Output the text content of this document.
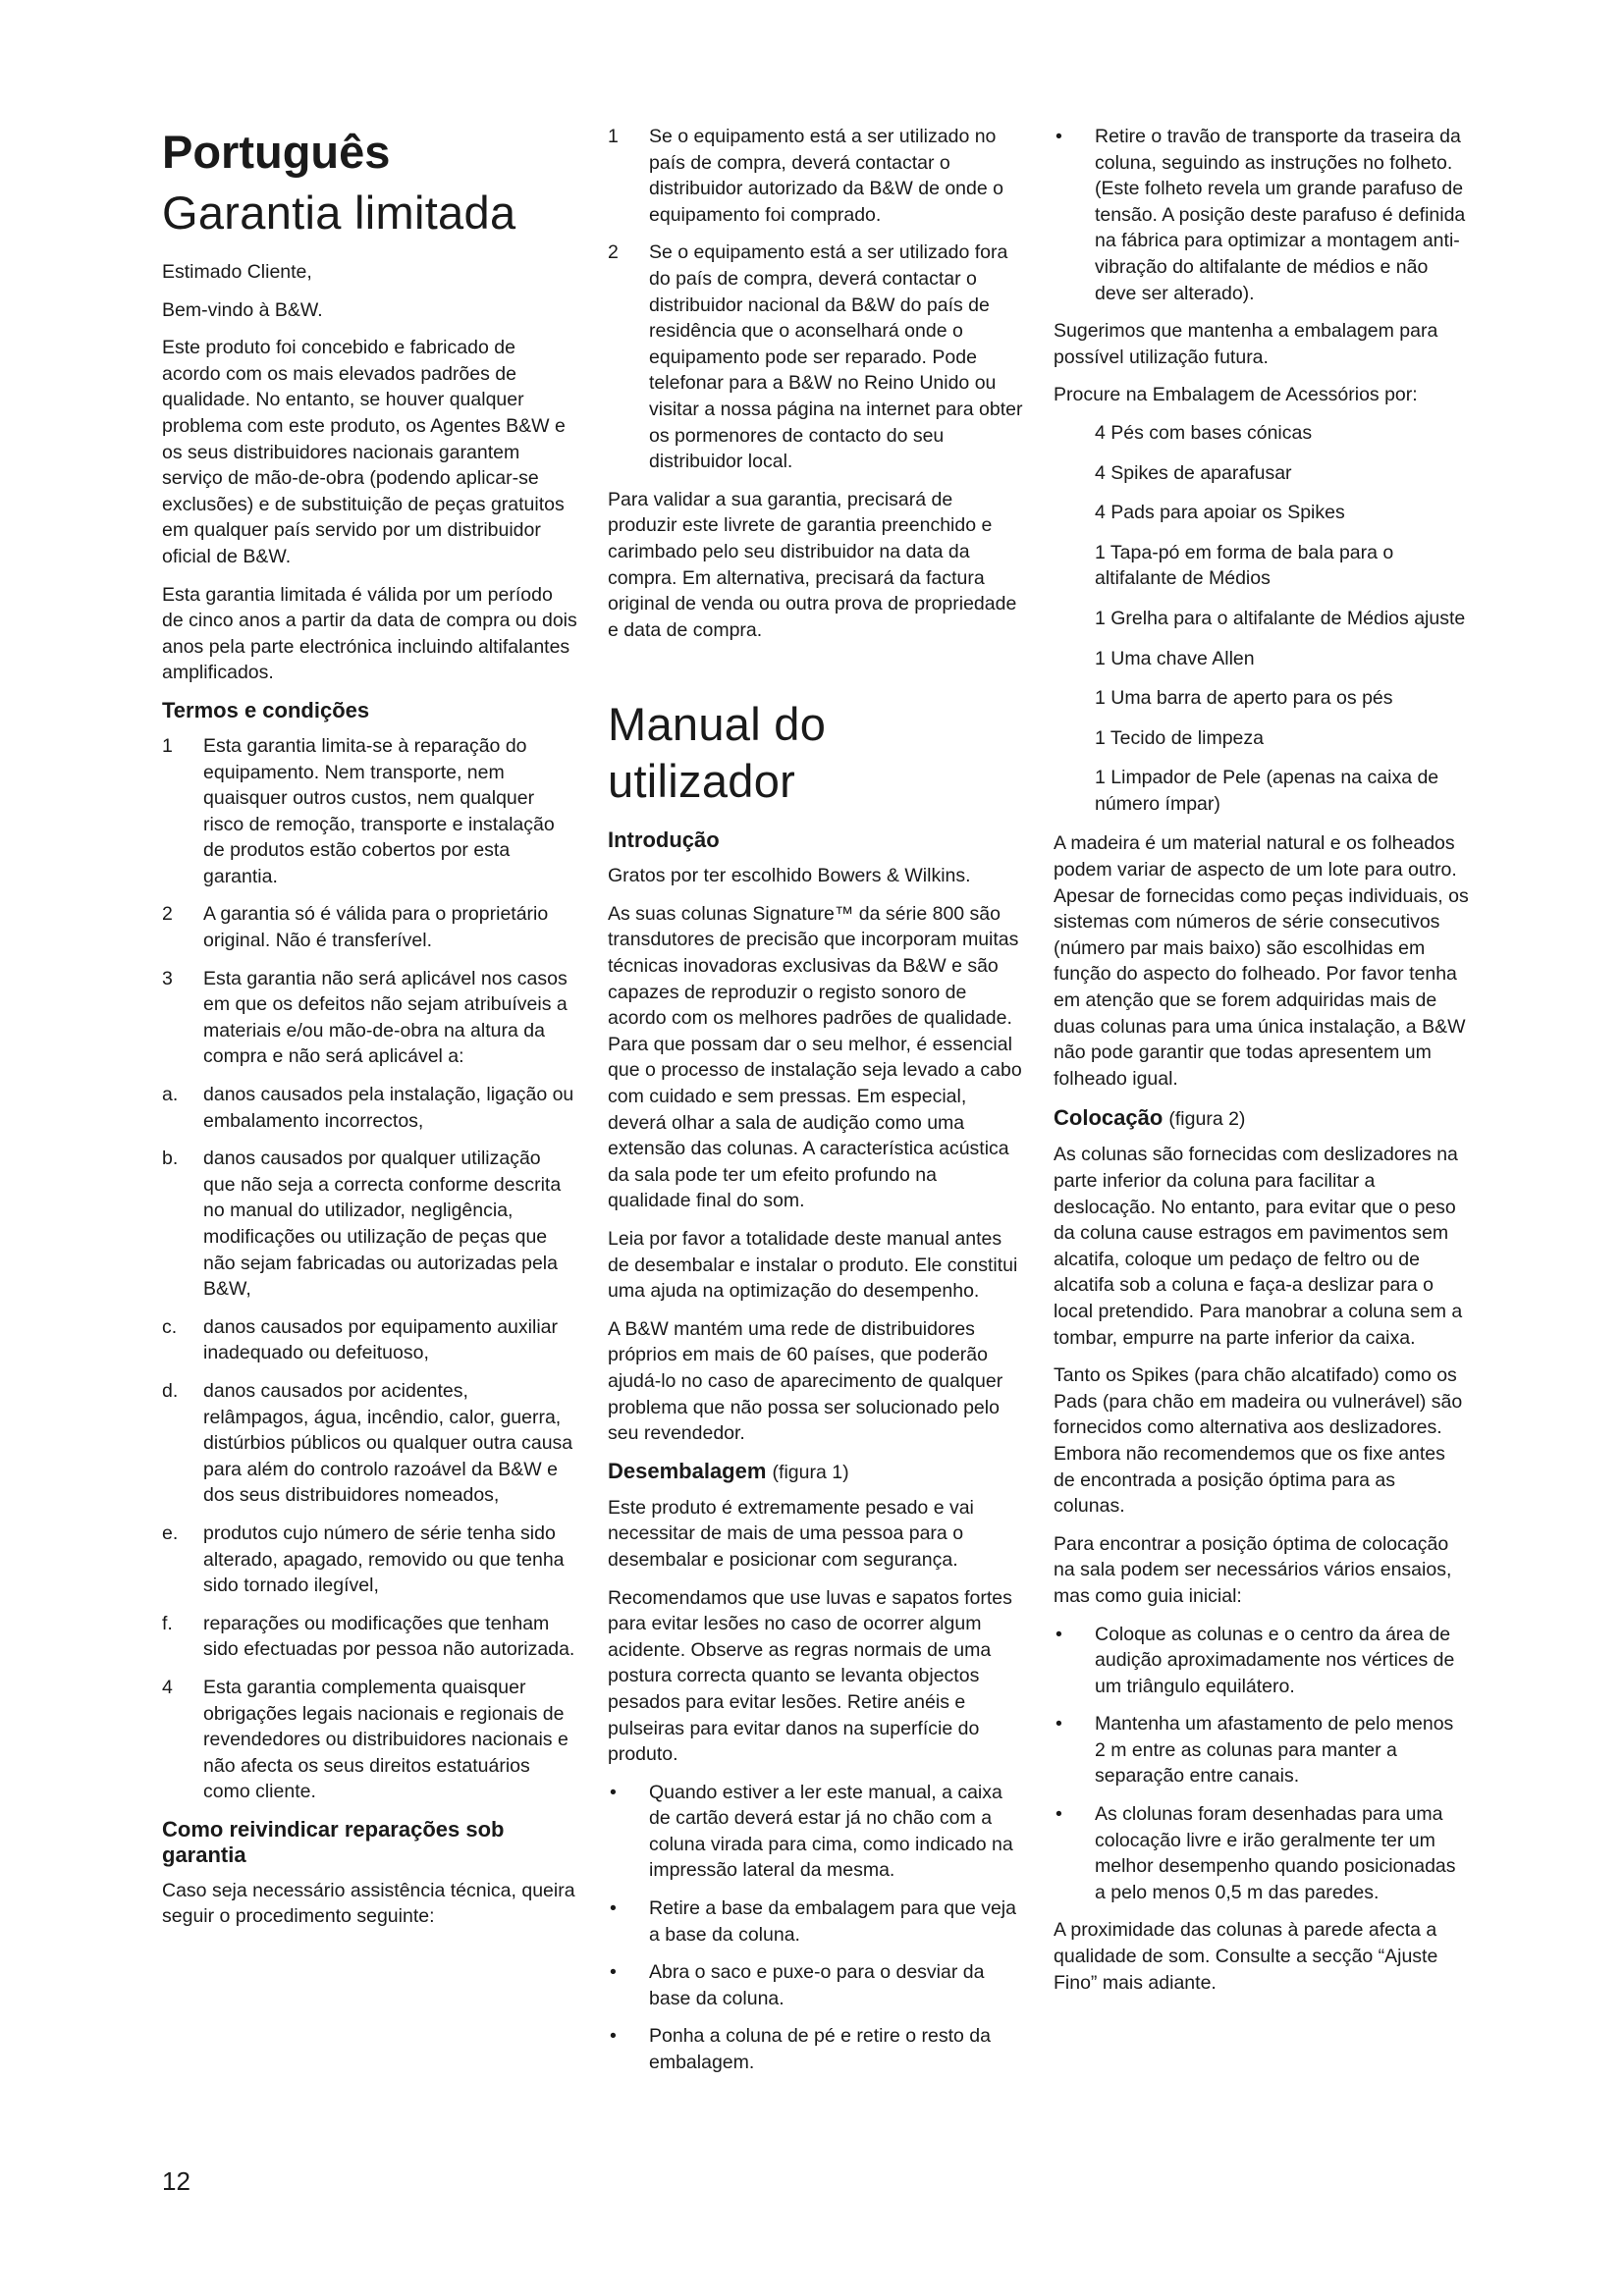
Português
Garantia limitada

Estimado Cliente,

Bem-vindo à B&W.

Este produto foi concebido e fabricado de acordo com os mais elevados padrões de qualidade. No entanto, se houver qualquer problema com este produto, os Agentes B&W e os seus distribuidores nacionais garantem serviço de mão-de-obra (podendo aplicar-se exclusões) e de substituição de peças gratuitos em qualquer país servido por um distribuidor oficial de B&W.

Esta garantia limitada é válida por um período de cinco anos a partir da data de compra ou dois anos pela parte electrónica incluindo altifalantes amplificados.

Termos e condições

1 Esta garantia limita-se à reparação do equipamento. Nem transporte, nem quaisquer outros custos, nem qualquer risco de remoção, transporte e instalação de produtos estão cobertos por esta garantia.

2 A garantia só é válida para o proprietário original. Não é transferível.

3 Esta garantia não será aplicável nos casos em que os defeitos não sejam atribuíveis a materiais e/ou mão-de-obra na altura da compra e não será aplicável a:

a. danos causados pela instalação, ligação ou embalamento incorrectos,

b. danos causados por qualquer utilização que não seja a correcta conforme descrita no manual do utilizador, negligência, modificações ou utilização de peças que não sejam fabricadas ou autorizadas pela B&W,

c. danos causados por equipamento auxiliar inadequado ou defeituoso,

d. danos causados por acidentes, relâmpagos, água, incêndio, calor, guerra, distúrbios públicos ou qualquer outra causa para além do controlo razoável da B&W e dos seus distribuidores nomeados,

e. produtos cujo número de série tenha sido alterado, apagado, removido ou que tenha sido tornado ilegível,

f. reparações ou modificações que tenham sido efectuadas por pessoa não autorizada.

4 Esta garantia complementa quaisquer obrigações legais nacionais e regionais de revendedores ou distribuidores nacionais e não afecta os seus direitos estatuários como cliente.

Como reivindicar reparações sob garantia

Caso seja necessário assistência técnica, queira seguir o procedimento seguinte:

1 Se o equipamento está a ser utilizado no país de compra, deverá contactar o distribuidor autorizado da B&W de onde o equipamento foi comprado.

2 Se o equipamento está a ser utilizado fora do país de compra, deverá contactar o distribuidor nacional da B&W do país de residência que o aconselhará onde o equipamento pode ser reparado. Pode telefonar para a B&W no Reino Unido ou visitar a nossa página na internet para obter os pormenores de contacto do seu distribuidor local.

Para validar a sua garantia, precisará de produzir este livrete de garantia preenchido e carimbado pelo seu distribuidor na data da compra. Em alternativa, precisará da factura original de venda ou outra prova de propriedade e data de compra.

Manual do utilizador
Introdução

Gratos por ter escolhido Bowers & Wilkins.

As suas colunas Signature™ da série 800 são transdutores de precisão que incorporam muitas técnicas inovadoras exclusivas da B&W e são capazes de reproduzir o registo sonoro de acordo com os melhores padrões de qualidade. Para que possam dar o seu melhor, é essencial que o processo de instalação seja levado a cabo com cuidado e sem pressas. Em especial, deverá olhar a sala de audição como uma extensão das colunas. A característica acústica da sala pode ter um efeito profundo na qualidade final do som.

Leia por favor a totalidade deste manual antes de desembalar e instalar o produto. Ele constitui uma ajuda na optimização do desempenho.

A B&W mantém uma rede de distribuidores próprios em mais de 60 países, que poderão ajudá-lo no caso de aparecimento de qualquer problema que não possa ser solucionado pelo seu revendedor.

Desembalagem (figura 1)

Este produto é extremamente pesado e vai necessitar de mais de uma pessoa para o desembalar e posicionar com segurança.

Recomendamos que use luvas e sapatos fortes para evitar lesões no caso de ocorrer algum acidente. Observe as regras normais de uma postura correcta quanto se levanta objectos pesados para evitar lesões. Retire anéis e pulseiras para evitar danos na superfície do produto.

• Quando estiver a ler este manual, a caixa de cartão deverá estar já no chão com a coluna virada para cima, como indicado na impressão lateral da mesma.

• Retire a base da embalagem para que veja a base da coluna.

• Abra o saco e puxe-o para o desviar da base da coluna.

• Ponha a coluna de pé e retire o resto da embalagem.

• Retire o travão de transporte da traseira da coluna, seguindo as instruções no folheto. (Este folheto revela um grande parafuso de tensão. A posição deste parafuso é definida na fábrica para optimizar a montagem anti-vibração do altifalante de médios e não deve ser alterado).

Sugerimos que mantenha a embalagem para possível utilização futura.

Procure na Embalagem de Acessórios por:

4 Pés com bases cónicas

4 Spikes de aparafusar

4 Pads para apoiar os Spikes

1 Tapa-pó em forma de bala para o altifalante de Médios

1 Grelha para o altifalante de Médios ajuste

1 Uma chave Allen

1 Uma barra de aperto para os pés

1 Tecido de limpeza

1 Limpador de Pele (apenas na caixa de número ímpar)

A madeira é um material natural e os folheados podem variar de aspecto de um lote para outro. Apesar de fornecidas como peças individuais, os sistemas com números de série consecutivos (número par mais baixo) são escolhidas em função do aspecto do folheado. Por favor tenha em atenção que se forem adquiridas mais de duas colunas para uma única instalação, a B&W não pode garantir que todas apresentem um folheado igual.

Colocação (figura 2)

As colunas são fornecidas com deslizadores na parte inferior da coluna para facilitar a deslocação. No entanto, para evitar que o peso da coluna cause estragos em pavimentos sem alcatifa, coloque um pedaço de feltro ou de alcatifa sob a coluna e faça-a deslizar para o local pretendido. Para manobrar a coluna sem a tombar, empurre na parte inferior da caixa.

Tanto os Spikes (para chão alcatifado) como os Pads (para chão em madeira ou vulnerável) são fornecidos como alternativa aos deslizadores. Embora não recomendemos que os fixe antes de encontrada a posição óptima para as colunas.

Para encontrar a posição óptima de colocação na sala podem ser necessários vários ensaios, mas como guia inicial:

• Coloque as colunas e o centro da área de audição aproximadamente nos vértices de um triângulo equilátero.

• Mantenha um afastamento de pelo menos 2 m entre as colunas para manter a separação entre canais.

• As clolunas foram desenhadas para uma colocação livre e irão geralmente ter um melhor desempenho quando posicionadas a pelo menos 0,5 m das paredes.

A proximidade das colunas à parede afecta a qualidade de som. Consulte a secção “Ajuste Fino” mais adiante.

12
